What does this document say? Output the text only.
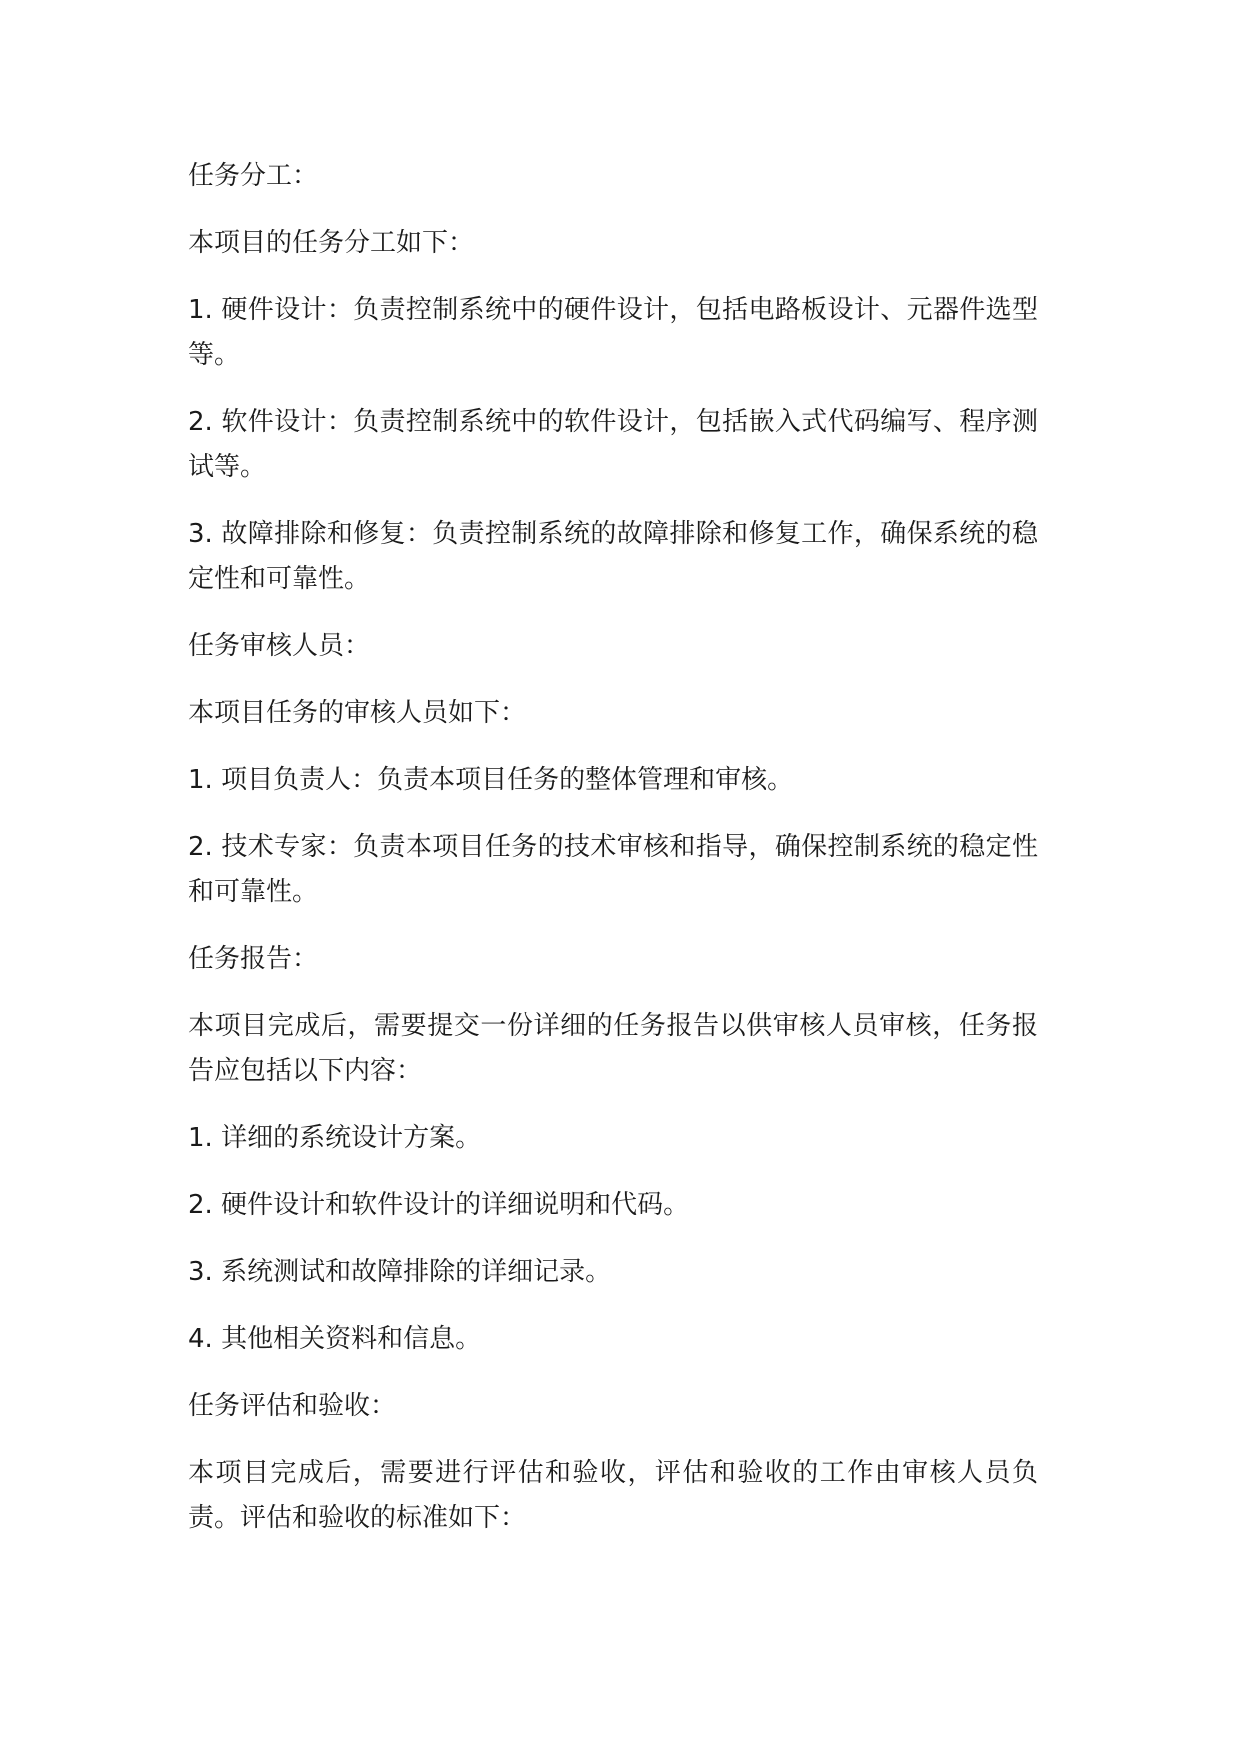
任务分工：

本项目的任务分工如下：

1. 硬件设计：负责控制系统中的硬件设计，包括电路板设计、元器件选型等。

2. 软件设计：负责控制系统中的软件设计，包括嵌入式代码编写、程序测试等。

3. 故障排除和修复：负责控制系统的故障排除和修复工作，确保系统的稳定性和可靠性。

任务审核人员：

本项目任务的审核人员如下：

1. 项目负责人：负责本项目任务的整体管理和审核。

2. 技术专家：负责本项目任务的技术审核和指导，确保控制系统的稳定性和可靠性。

任务报告：

本项目完成后，需要提交一份详细的任务报告以供审核人员审核，任务报告应包括以下内容：

1. 详细的系统设计方案。

2. 硬件设计和软件设计的详细说明和代码。

3. 系统测试和故障排除的详细记录。

4. 其他相关资料和信息。

任务评估和验收：

本项目完成后，需要进行评估和验收，评估和验收的工作由审核人员负责。评估和验收的标准如下：
